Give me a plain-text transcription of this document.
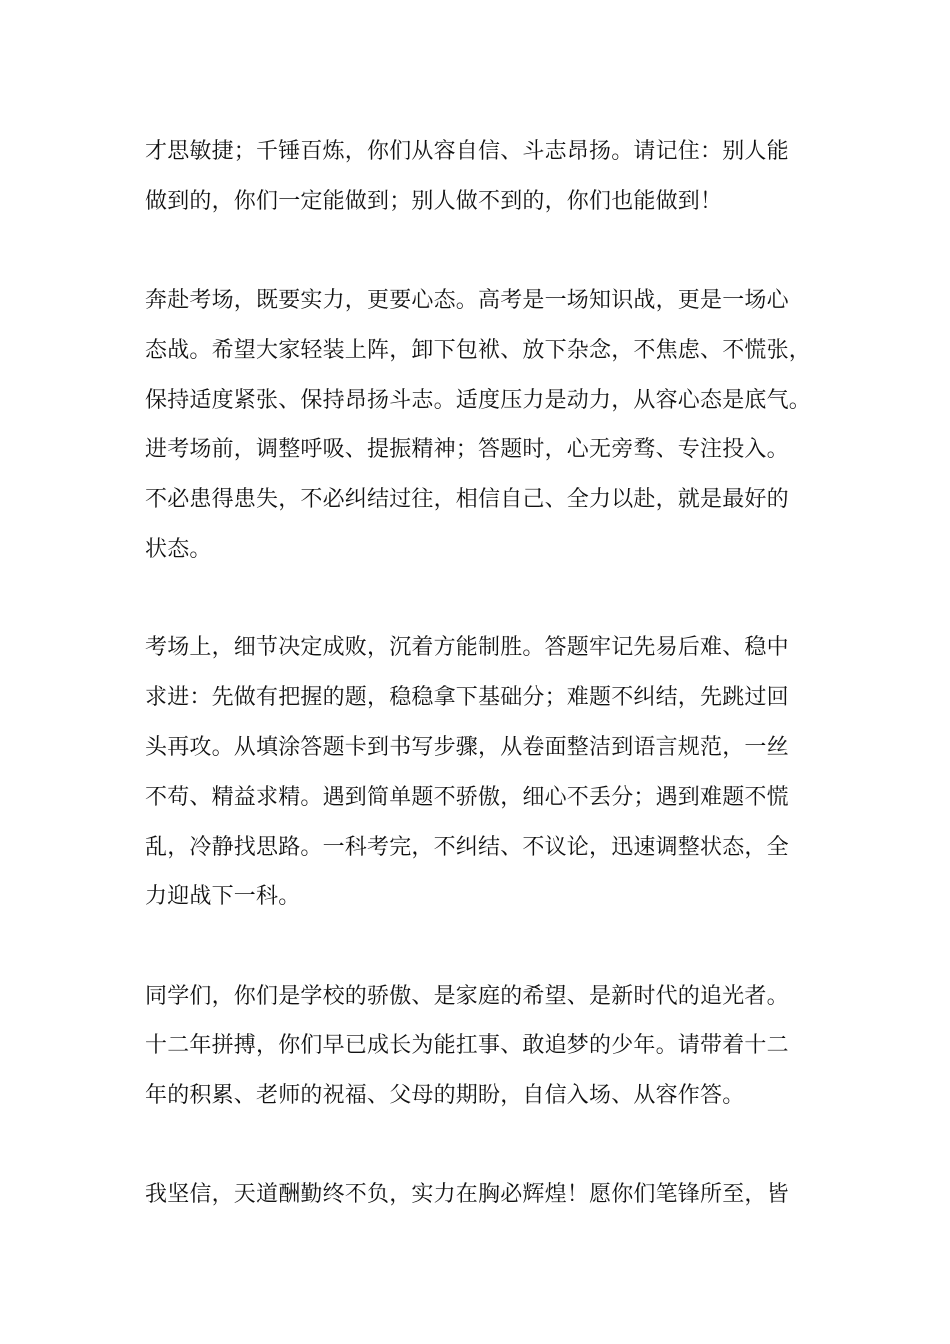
才思敏捷；千锤百炼，你们从容自信、斗志昂扬。请记住：别人能
做到的，你们一定能做到；别人做不到的，你们也能做到！
奔赴考场，既要实力，更要心态。高考是一场知识战，更是一场心
态战。希望大家轻装上阵，卸下包袱、放下杂念，不焦虑、不慌张，
保持适度紧张、保持昂扬斗志。适度压力是动力，从容心态是底气。
进考场前，调整呼吸、提振精神；答题时，心无旁骛、专注投入。
不必患得患失，不必纠结过往，相信自己、全力以赴，就是最好的
状态。
考场上，细节决定成败，沉着方能制胜。答题牢记先易后难、稳中
求进：先做有把握的题，稳稳拿下基础分；难题不纠结，先跳过回
头再攻。从填涂答题卡到书写步骤，从卷面整洁到语言规范，一丝
不苟、精益求精。遇到简单题不骄傲，细心不丢分；遇到难题不慌
乱，冷静找思路。一科考完，不纠结、不议论，迅速调整状态，全
力迎战下一科。
同学们，你们是学校的骄傲、是家庭的希望、是新时代的追光者。
十二年拼搏，你们早已成长为能扛事、敢追梦的少年。请带着十二
年的积累、老师的祝福、父母的期盼，自信入场、从容作答。
我坚信，天道酬勤终不负，实力在胸必辉煌！愿你们笔锋所至，皆
